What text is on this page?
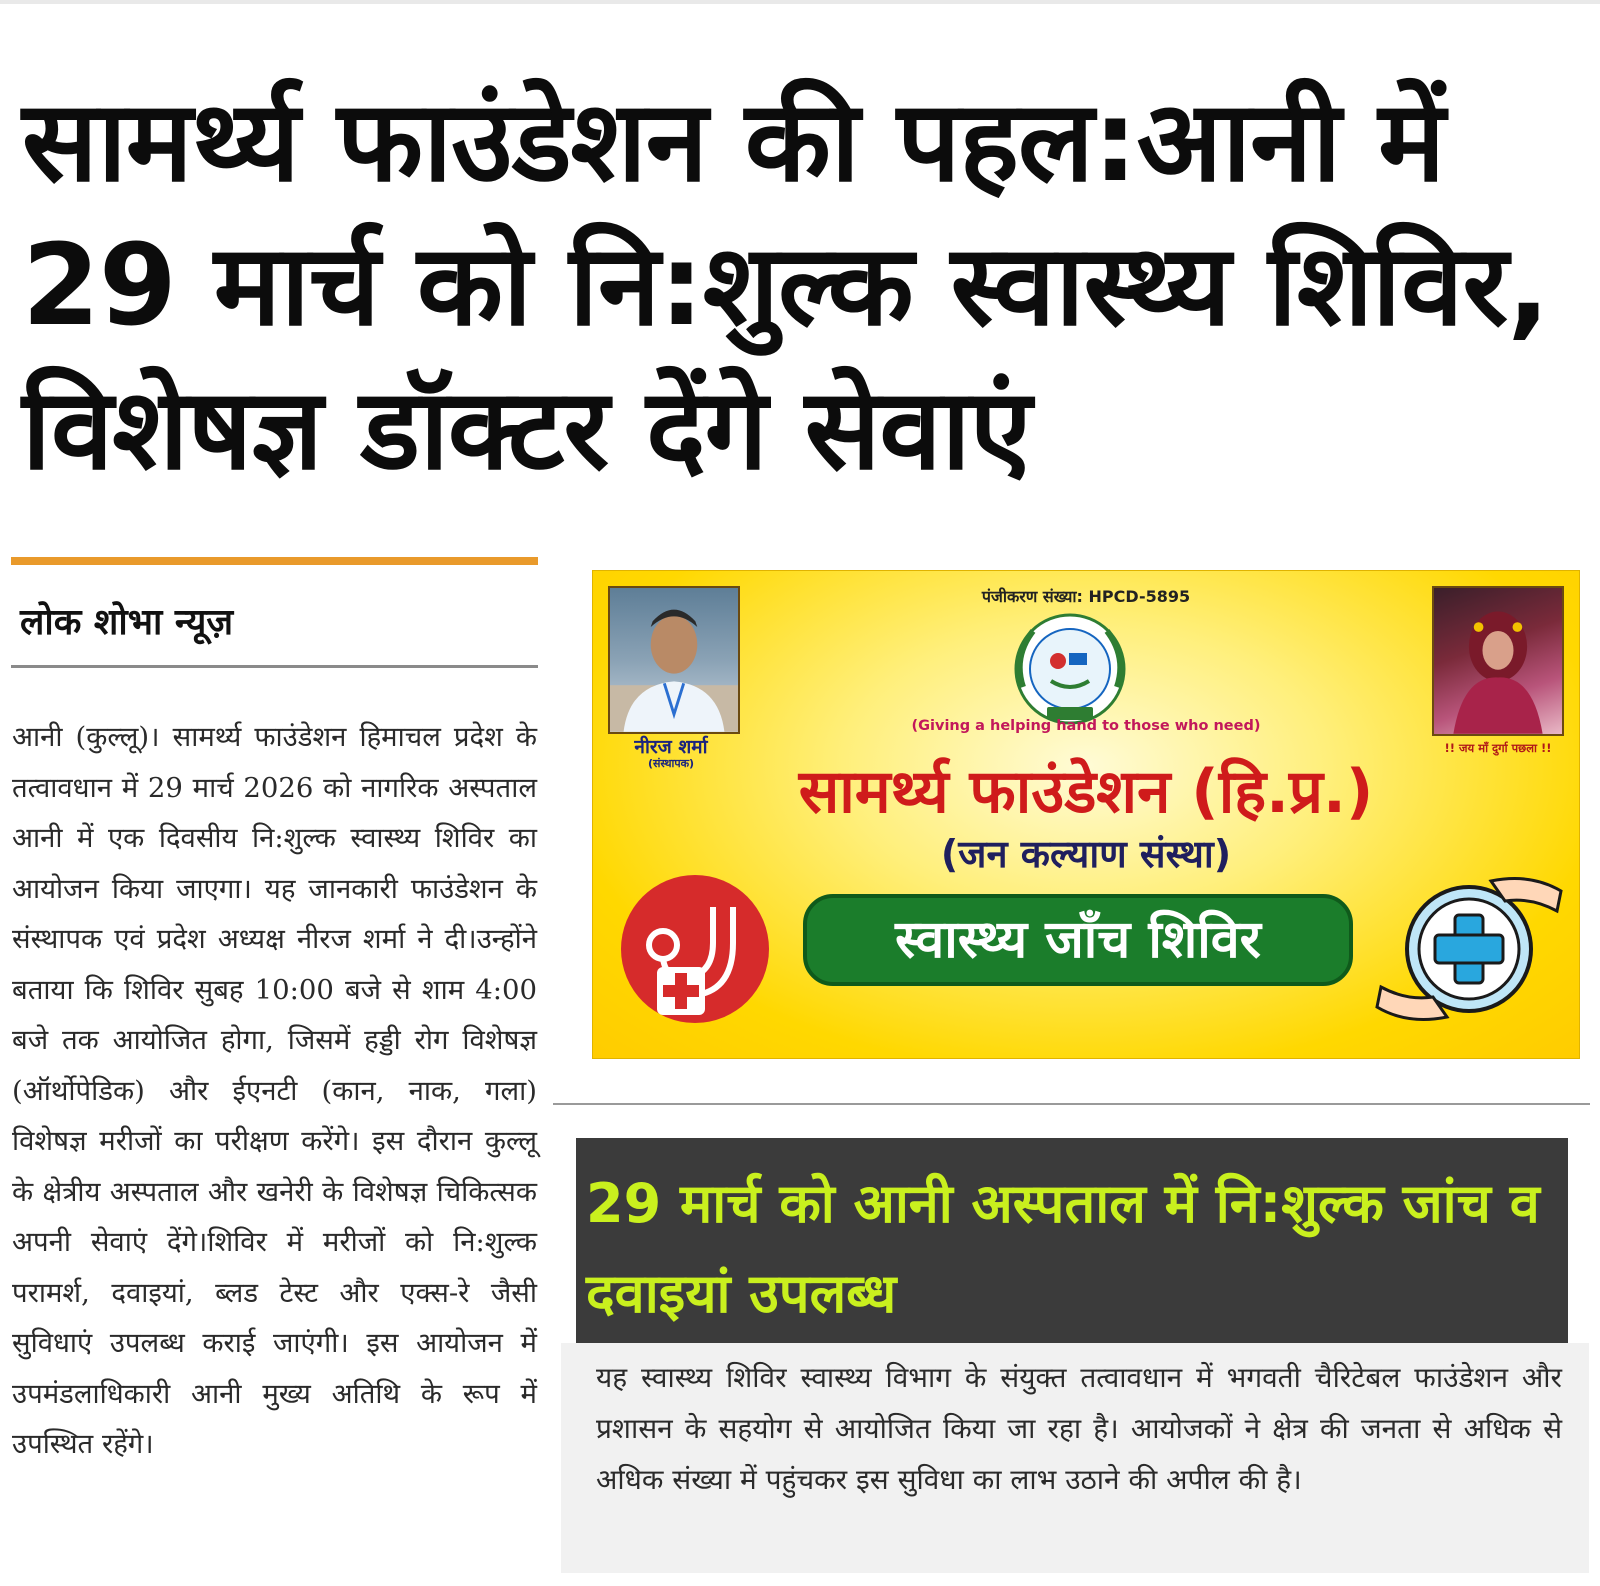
सामर्थ्य फाउंडेशन की पहल:आनी में 29 मार्च को नि:शुल्क स्वास्थ्य शिविर, विशेषज्ञ डॉक्टर देंगे सेवाएं
लोक शोभा न्यूज़

आनी (कुल्लू)। सामर्थ्य फाउंडेशन हिमाचल प्रदेश के तत्वावधान में 29 मार्च 2026 को नागरिक अस्पताल आनी में एक दिवसीय नि:शुल्क स्वास्थ्य शिविर का आयोजन किया जाएगा। यह जानकारी फाउंडेशन के संस्थापक एवं प्रदेश अध्यक्ष नीरज शर्मा ने दी।उन्होंने बताया कि शिविर सुबह 10:00 बजे से शाम 4:00 बजे तक आयोजित होगा, जिसमें हड्डी रोग विशेषज्ञ (ऑर्थोपेडिक) और ईएनटी (कान, नाक, गला) विशेषज्ञ मरीजों का परीक्षण करेंगे। इस दौरान कुल्लू के क्षेत्रीय अस्पताल और खनेरी के विशेषज्ञ चिकित्सक अपनी सेवाएं देंगे।शिविर में मरीजों को नि:शुल्क परामर्श, दवाइयां, ब्लड टेस्ट और एक्स-रे जैसी सुविधाएं उपलब्ध कराई जाएंगी। इस आयोजन में उपमंडलाधिकारी आनी मुख्य अतिथि के रूप में उपस्थित रहेंगे।

नीरज शर्मा
(संस्थापक)
पंजीकरण संख्या: HPCD-5895
(Giving a helping hand to those who need)
!! जय माँ दुर्गा पछला !!
सामर्थ्य फाउंडेशन (हि.प्र.)
(जन कल्याण संस्था)
स्वास्थ्य जाँच शिविर
29 मार्च को आनी अस्पताल में नि:शुल्क जांच व दवाइयां उपलब्ध

यह स्वास्थ्य शिविर स्वास्थ्य विभाग के संयुक्त तत्वावधान में भगवती चैरिटेबल फाउंडेशन और प्रशासन के सहयोग से आयोजित किया जा रहा है। आयोजकों ने क्षेत्र की जनता से अधिक से अधिक संख्या में पहुंचकर इस सुविधा का लाभ उठाने की अपील की है।
